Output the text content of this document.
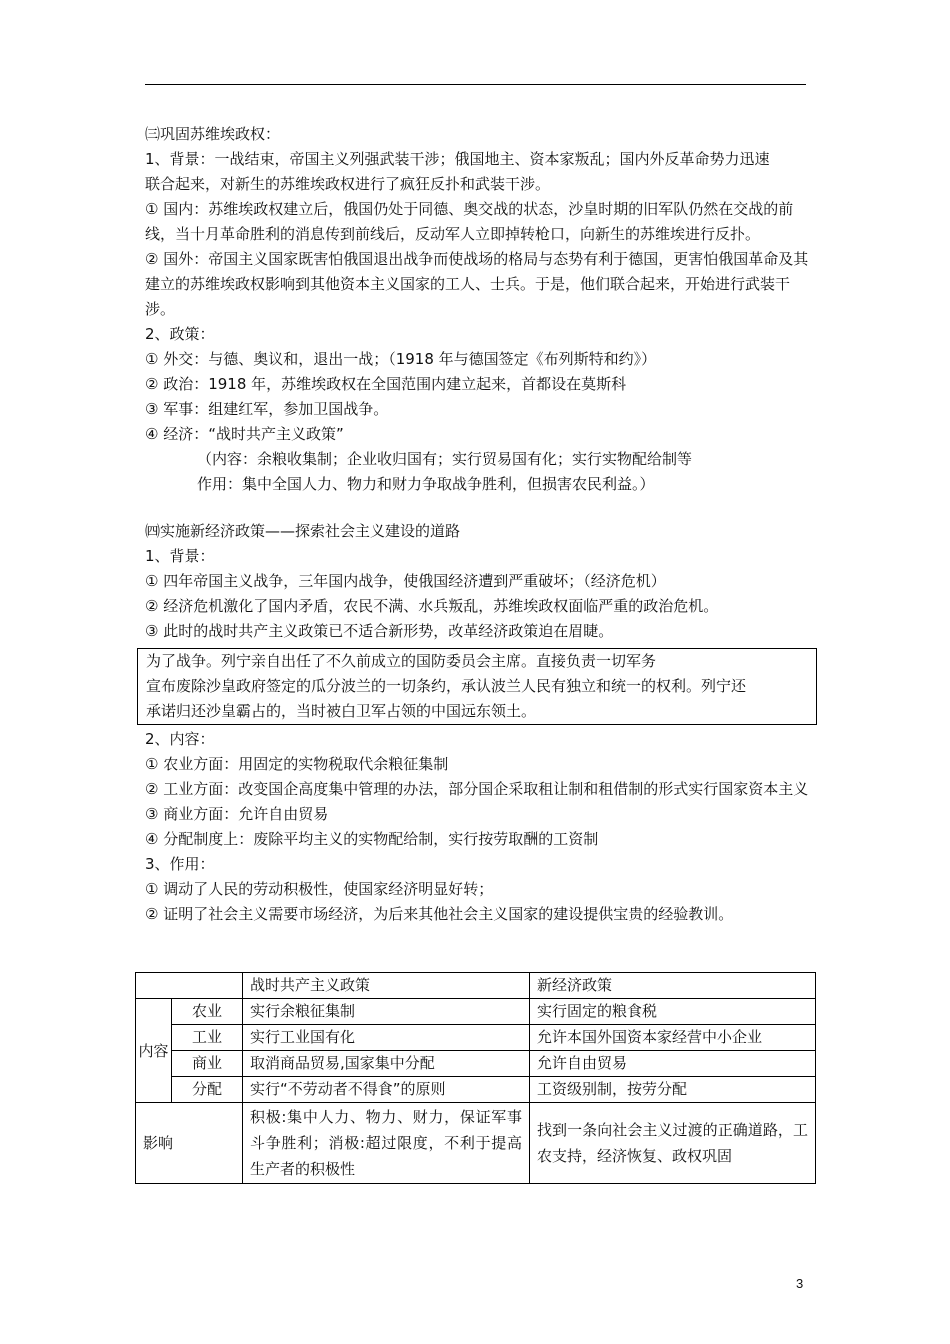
㈢巩固苏维埃政权：

1、背景：一战结束，帝国主义列强武装干涉；俄国地主、资本家叛乱；国内外反革命势力迅速

联合起来，对新生的苏维埃政权进行了疯狂反扑和武装干涉。

① 国内：苏维埃政权建立后，俄国仍处于同德、奥交战的状态，沙皇时期的旧军队仍然在交战的前线，当十月革命胜利的消息传到前线后，反动军人立即掉转枪口，向新生的苏维埃进行反扑。

② 国外：帝国主义国家既害怕俄国退出战争而使战场的格局与态势有利于德国，更害怕俄国革命及其建立的苏维埃政权影响到其他资本主义国家的工人、士兵。于是，他们联合起来，开始进行武装干涉。

2、政策：

① 外交：与德、奥议和，退出一战；（1918 年与德国签定《布列斯特和约》）

② 政治：1918 年，苏维埃政权在全国范围内建立起来，首都设在莫斯科

③ 军事：组建红军，参加卫国战争。

④ 经济：“战时共产主义政策”

（内容：余粮收集制；企业收归国有；实行贸易国有化；实行实物配给制等

作用：集中全国人力、物力和财力争取战争胜利，但损害农民利益。）

㈣实施新经济政策——探索社会主义建设的道路

1、背景：

① 四年帝国主义战争，三年国内战争，使俄国经济遭到严重破坏；（经济危机）

② 经济危机激化了国内矛盾，农民不满、水兵叛乱，苏维埃政权面临严重的政治危机。

③ 此时的战时共产主义政策已不适合新形势，改革经济政策迫在眉睫。

为了战争。列宁亲自出任了不久前成立的国防委员会主席。直接负责一切军务

宣布废除沙皇政府签定的瓜分波兰的一切条约，承认波兰人民有独立和统一的权利。列宁还

承诺归还沙皇霸占的，当时被白卫军占领的中国远东领土。

2、内容：

① 农业方面：用固定的实物税取代余粮征集制

② 工业方面：改变国企高度集中管理的办法，部分国企采取租让制和租借制的形式实行国家资本主义

③ 商业方面：允许自由贸易

④ 分配制度上：废除平均主义的实物配给制，实行按劳取酬的工资制

3、作用：

① 调动了人民的劳动积极性，使国家经济明显好转；

② 证明了社会主义需要市场经济，为后来其他社会主义国家的建设提供宝贵的经验教训。

		战时共产主义政策	新经济政策
内容	农业	实行余粮征集制	实行固定的粮食税
	工业	实行工业国有化	允许本国外国资本家经营中小企业
	商业	取消商品贸易,国家集中分配	允许自由贸易
	分配	实行“不劳动者不得食”的原则	工资级别制，按劳分配
影响		积极:集中人力、物力、财力，保证军事斗争胜利；消极:超过限度，不利于提高生产者的积极性	找到一条向社会主义过渡的正确道路，工农支持，经济恢复、政权巩固
3
